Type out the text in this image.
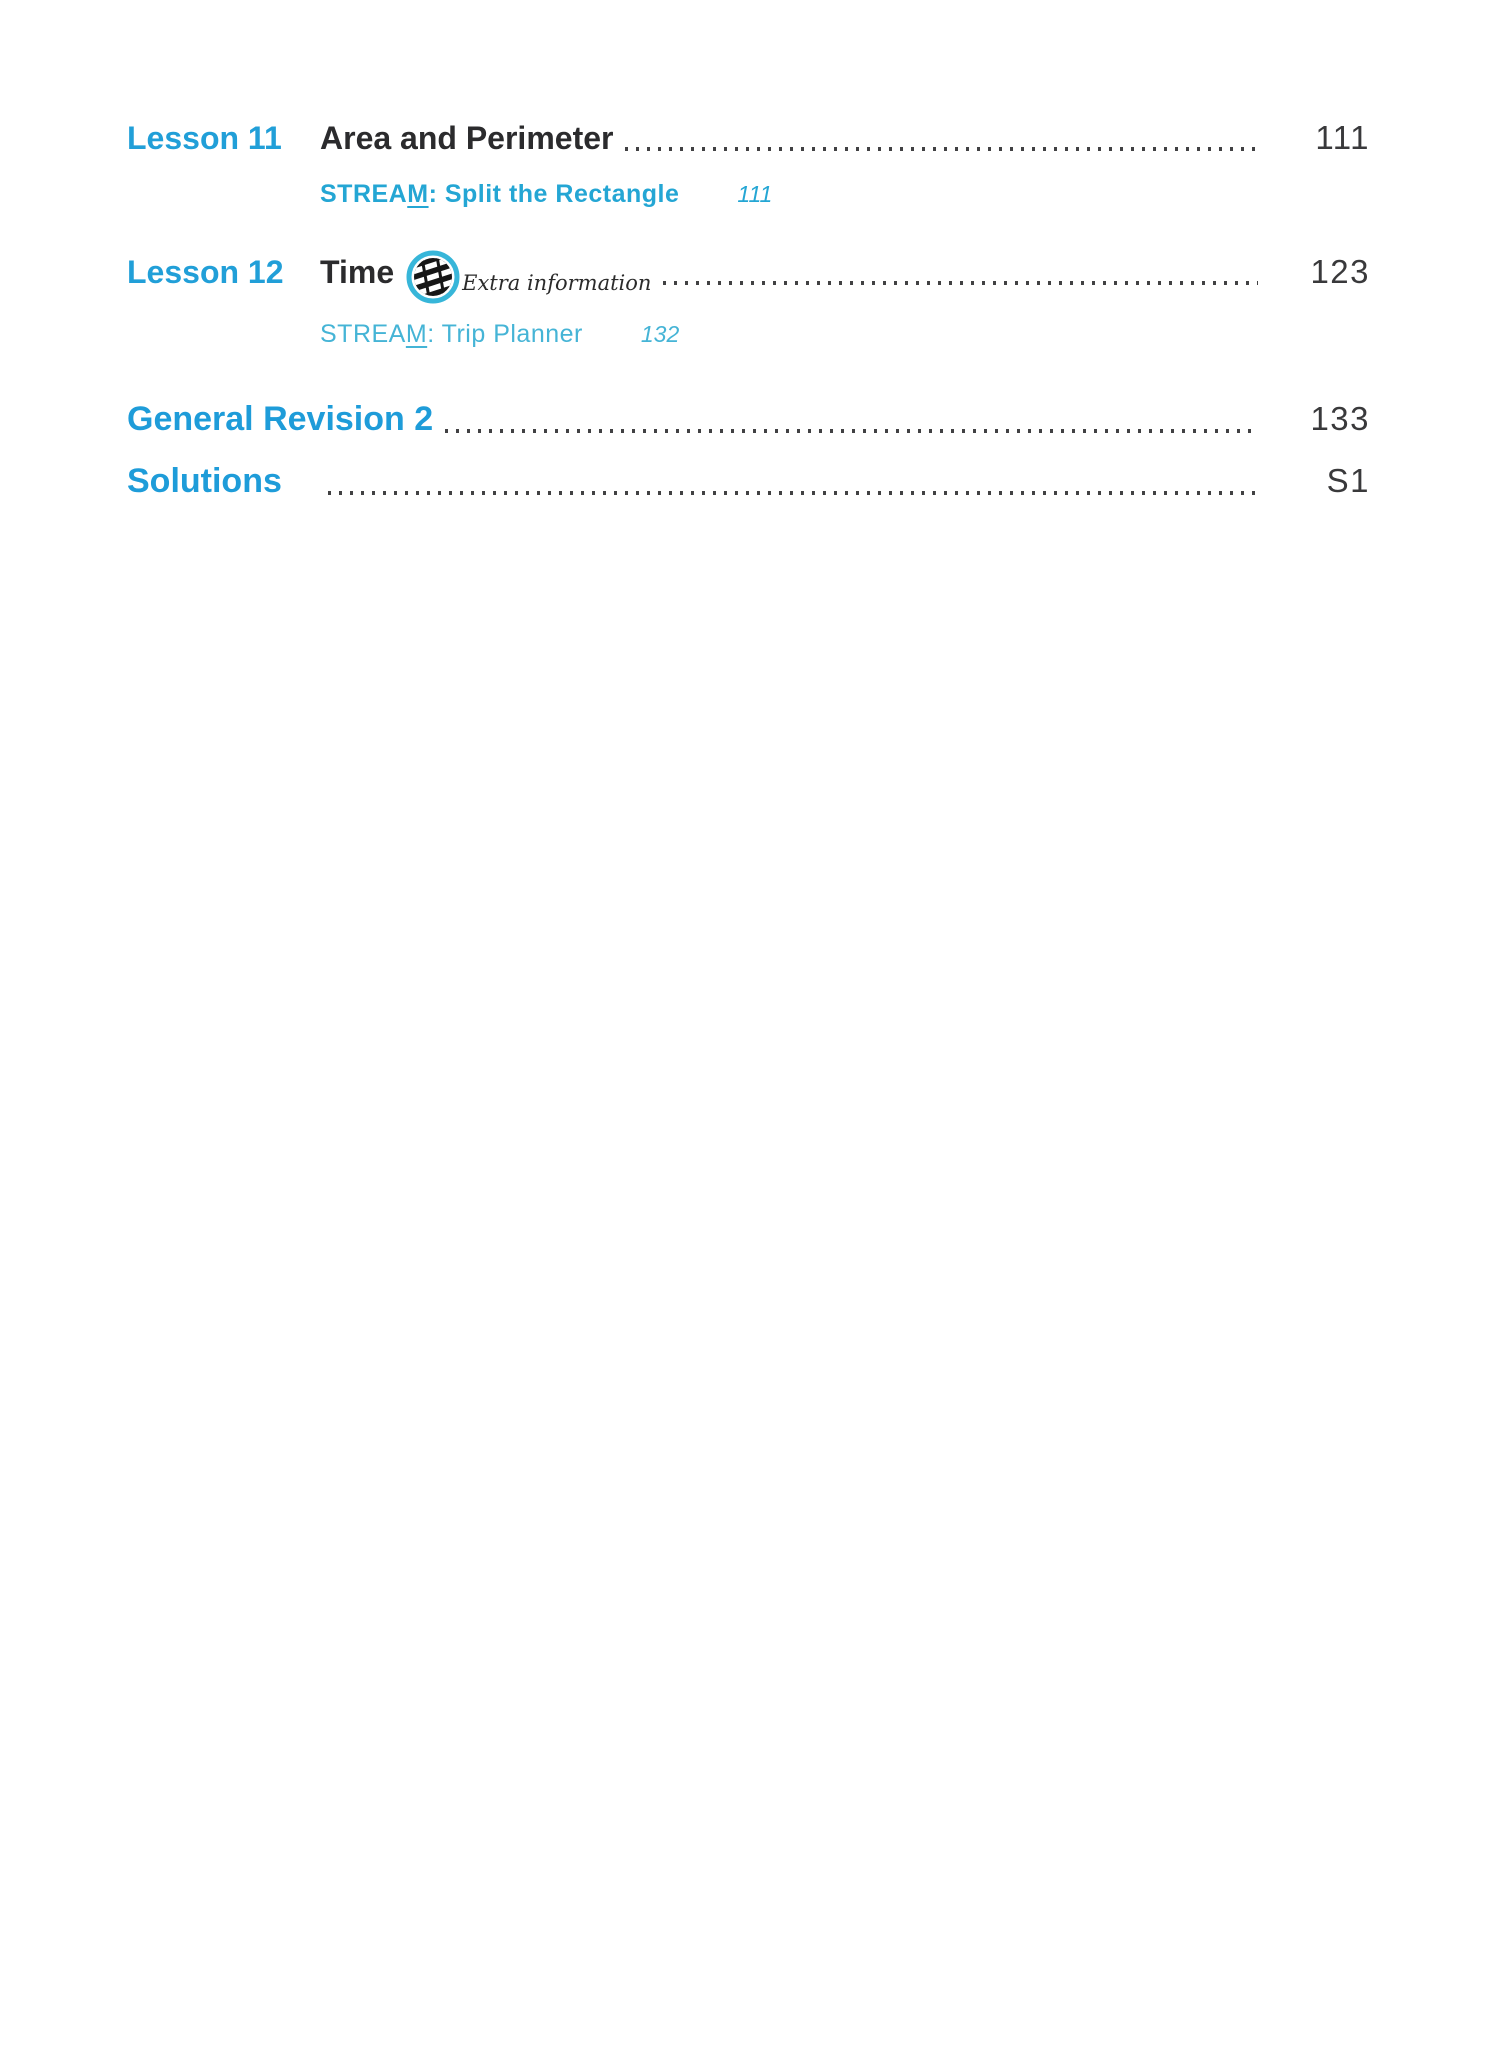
Lesson 11	Area and Perimeter	111
STREAM: Split the Rectangle	111
Lesson 12	Time	Extra information	123
STREAM: Trip Planner	132
General Revision 2	133
Solutions	S1
